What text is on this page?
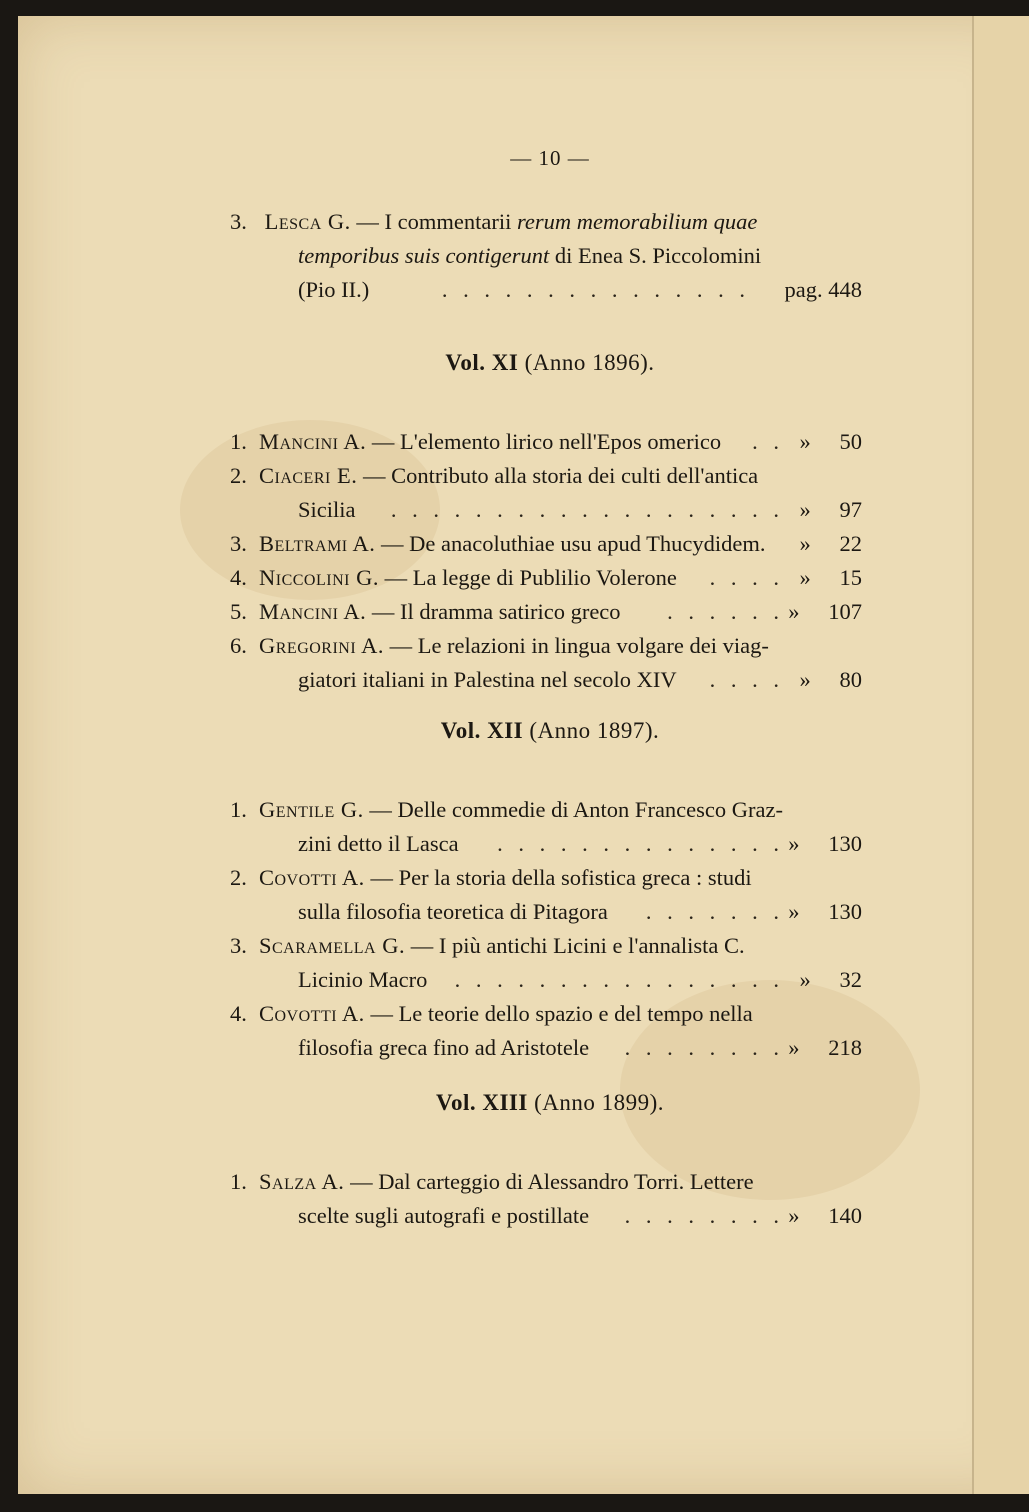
— 10 —
3. Lesca G. — I commentarii rerum memorabilium quae
temporibus suis contigerunt di Enea S. Piccolomini
(Pio II.)	. . . . . . . . . . . . . . .	pag. 448
Vol. XI (Anno 1896).
1. Mancini A. — L'elemento lirico nell'Epos omerico . . » 50
2. Ciaceri E. — Contributo alla storia dei culti dell'antica
Sicilia . . . . . . . . . . . . . . . . . . . » 97
3. Beltrami A. — De anacoluthiae usu apud Thucydidem.	» 22
4. Niccolini G. — La legge di Publilio Volerone . . . . » 15
5. Mancini A. — Il dramma satirico greco . . . . . . » 107
6. Gregorini A. — Le relazioni in lingua volgare dei viag-
giatori italiani in Palestina nel secolo XIV . . . . » 80
Vol. XII (Anno 1897).
1. Gentile G. — Delle commedie di Anton Francesco Graz-
zini detto il Lasca . . . . . . . . . . . . . . » 130
2. Covotti A. — Per la storia della sofistica greca : studi
sulla filosofia teoretica di Pitagora . . . . . . . » 130
3. Scaramella G. — I più antichi Licini e l'annalista C.
Licinio Macro . . . . . . . . . . . . . . . . » 32
4. Covotti A. — Le teorie dello spazio e del tempo nella
filosofia greca fino ad Aristotele . . . . . . . . » 218
Vol. XIII (Anno 1899).
1. Salza A. — Dal carteggio di Alessandro Torri. Lettere
scelte sugli autografi e postillate . . . . . . . . » 140
